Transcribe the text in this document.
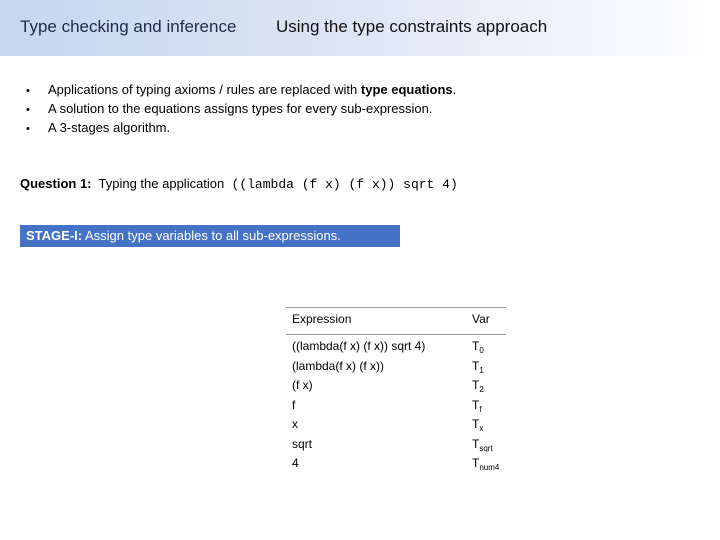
Type checking and inference Using the type constraints approach
•	Applications of typing axioms / rules are replaced with type equations.
•	A solution to the equations assigns types for every sub-expression.
•	A 3-stages algorithm.
Question 1: Typing the application ((lambda (f x) (f x)) sqrt 4)
STAGE-I: Assign type variables to all sub-expressions.
Expression	Var
((lambda(f x) (f x)) sqrt 4)	$T_0$
(lambda(f x) (f x))	$T_1$
(f x)	$T_2$
f	$T_f$
x	$T_x$
sqrt	$T_{sqrt}$
4	$T_{num4}$
